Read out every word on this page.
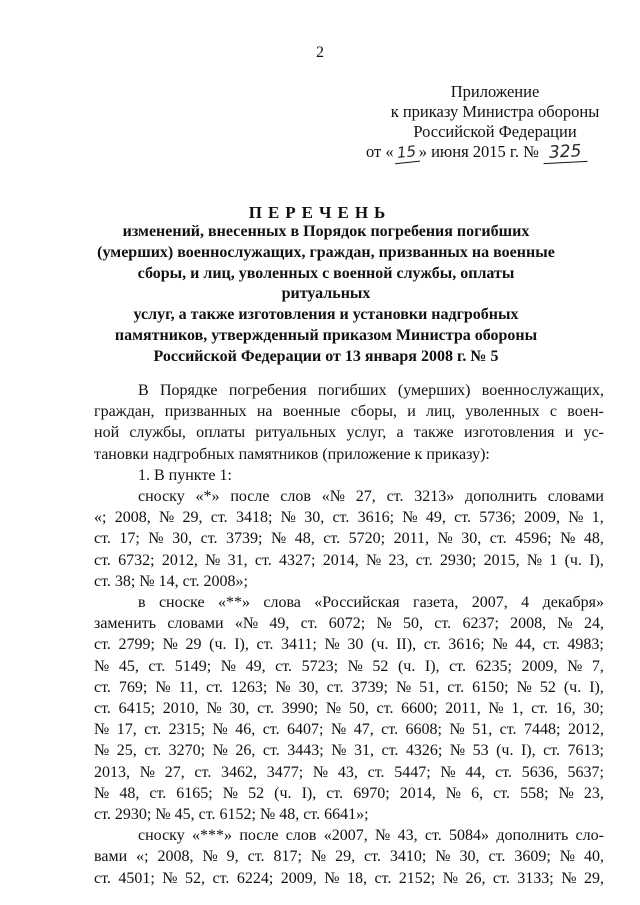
2
Приложение
к приказу Министра обороны
Российской Федерации
от « 15 » июня 2015 г. № 325
ПЕРЕЧЕНЬ
изменений, внесенных в Порядок погребения погибших
(умерших) военнослужащих, граждан, призванных на военные
сборы, и лиц, уволенных с военной службы, оплаты ритуальных
услуг, а также изготовления и установки надгробных
памятников, утвержденный приказом Министра обороны
Российской Федерации от 13 января 2008 г. № 5
В Порядке погребения погибших (умерших) военнослужащих,
граждан, призванных на военные сборы, и лиц, уволенных с воен-
ной службы, оплаты ритуальных услуг, а также изготовления и ус-
тановки надгробных памятников (приложение к приказу):
1. В пункте 1:
сноску «*» после слов «№ 27, ст. 3213» дополнить словами
«; 2008, № 29, ст. 3418; № 30, ст. 3616; № 49, ст. 5736; 2009, № 1,
ст. 17; № 30, ст. 3739; № 48, ст. 5720; 2011, № 30, ст. 4596; № 48,
ст. 6732; 2012, № 31, ст. 4327; 2014, № 23, ст. 2930; 2015, № 1 (ч. I),
ст. 38; № 14, ст. 2008»;
в сноске «**» слова «Российская газета, 2007, 4 декабря»
заменить словами «№ 49, ст. 6072; № 50, ст. 6237; 2008, № 24,
ст. 2799; № 29 (ч. I), ст. 3411; № 30 (ч. II), ст. 3616; № 44, ст. 4983;
№ 45, ст. 5149; № 49, ст. 5723; № 52 (ч. I), ст. 6235; 2009, № 7,
ст. 769; № 11, ст. 1263; № 30, ст. 3739; № 51, ст. 6150; № 52 (ч. I),
ст. 6415; 2010, № 30, ст. 3990; № 50, ст. 6600; 2011, № 1, ст. 16, 30;
№ 17, ст. 2315; № 46, ст. 6407; № 47, ст. 6608; № 51, ст. 7448; 2012,
№ 25, ст. 3270; № 26, ст. 3443; № 31, ст. 4326; № 53 (ч. I), ст. 7613;
2013, № 27, ст. 3462, 3477; № 43, ст. 5447; № 44, ст. 5636, 5637;
№ 48, ст. 6165; № 52 (ч. I), ст. 6970; 2014, № 6, ст. 558; № 23,
ст. 2930; № 45, ст. 6152; № 48, ст. 6641»;
сноску «***» после слов «2007, № 43, ст. 5084» дополнить сло-
вами «; 2008, № 9, ст. 817; № 29, ст. 3410; № 30, ст. 3609; № 40,
ст. 4501; № 52, ст. 6224; 2009, № 18, ст. 2152; № 26, ст. 3133; № 29,
